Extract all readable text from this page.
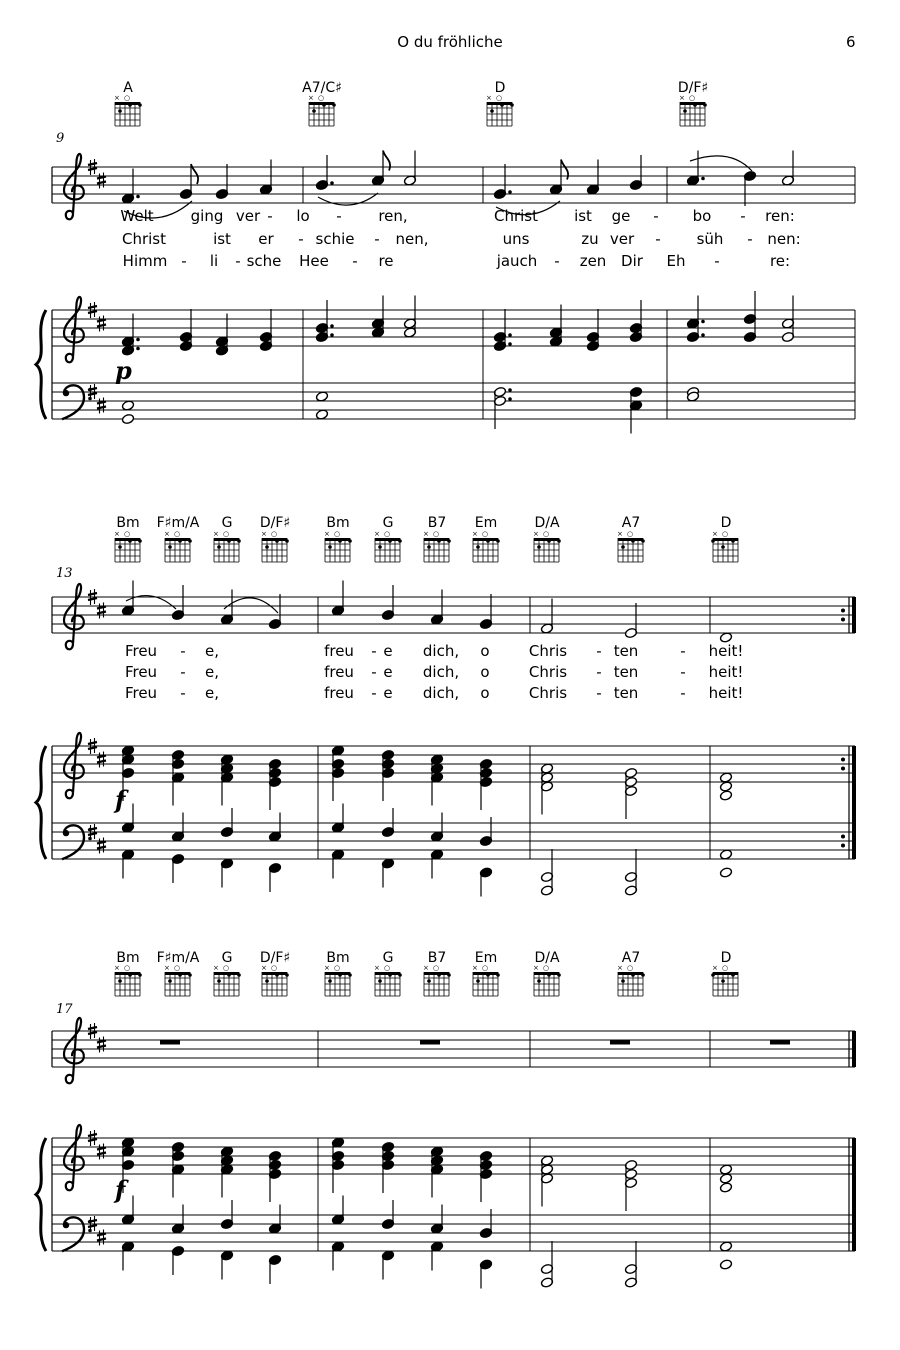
O du fröhliche	6
A
× ○
A7/C♯
× ○
D
× ○
D/F♯
× ○
9
Welt ging ver - lo - ren,	Christ ist ge - bo - ren:
Christ	ist er - schie - nen,	uns	zu ver - süh - nen:
Himm - li - sche Hee - re	jauch - zen Dir Eh -	re:
p
Bm
× ○
F♯m/A
× ○
G
× ○
D/F♯
× ○
Bm
× ○
G
× ○
B7
× ○
Em
× ○
D/A
× ○
A7
× ○
D
× ○
13
Freu - e,	freu - e dich, o	Chris - ten	- heit!
Freu - e,	freu - e dich, o	Chris - ten	- heit!
Freu - e,	freu - e dich, o	Chris - ten	- heit!
f
Bm
× ○
F♯m/A
× ○
G
× ○
D/F♯
× ○
Bm
× ○
G
× ○
B7
× ○
Em
× ○
D/A
× ○
A7
× ○
D
× ○
17
f
